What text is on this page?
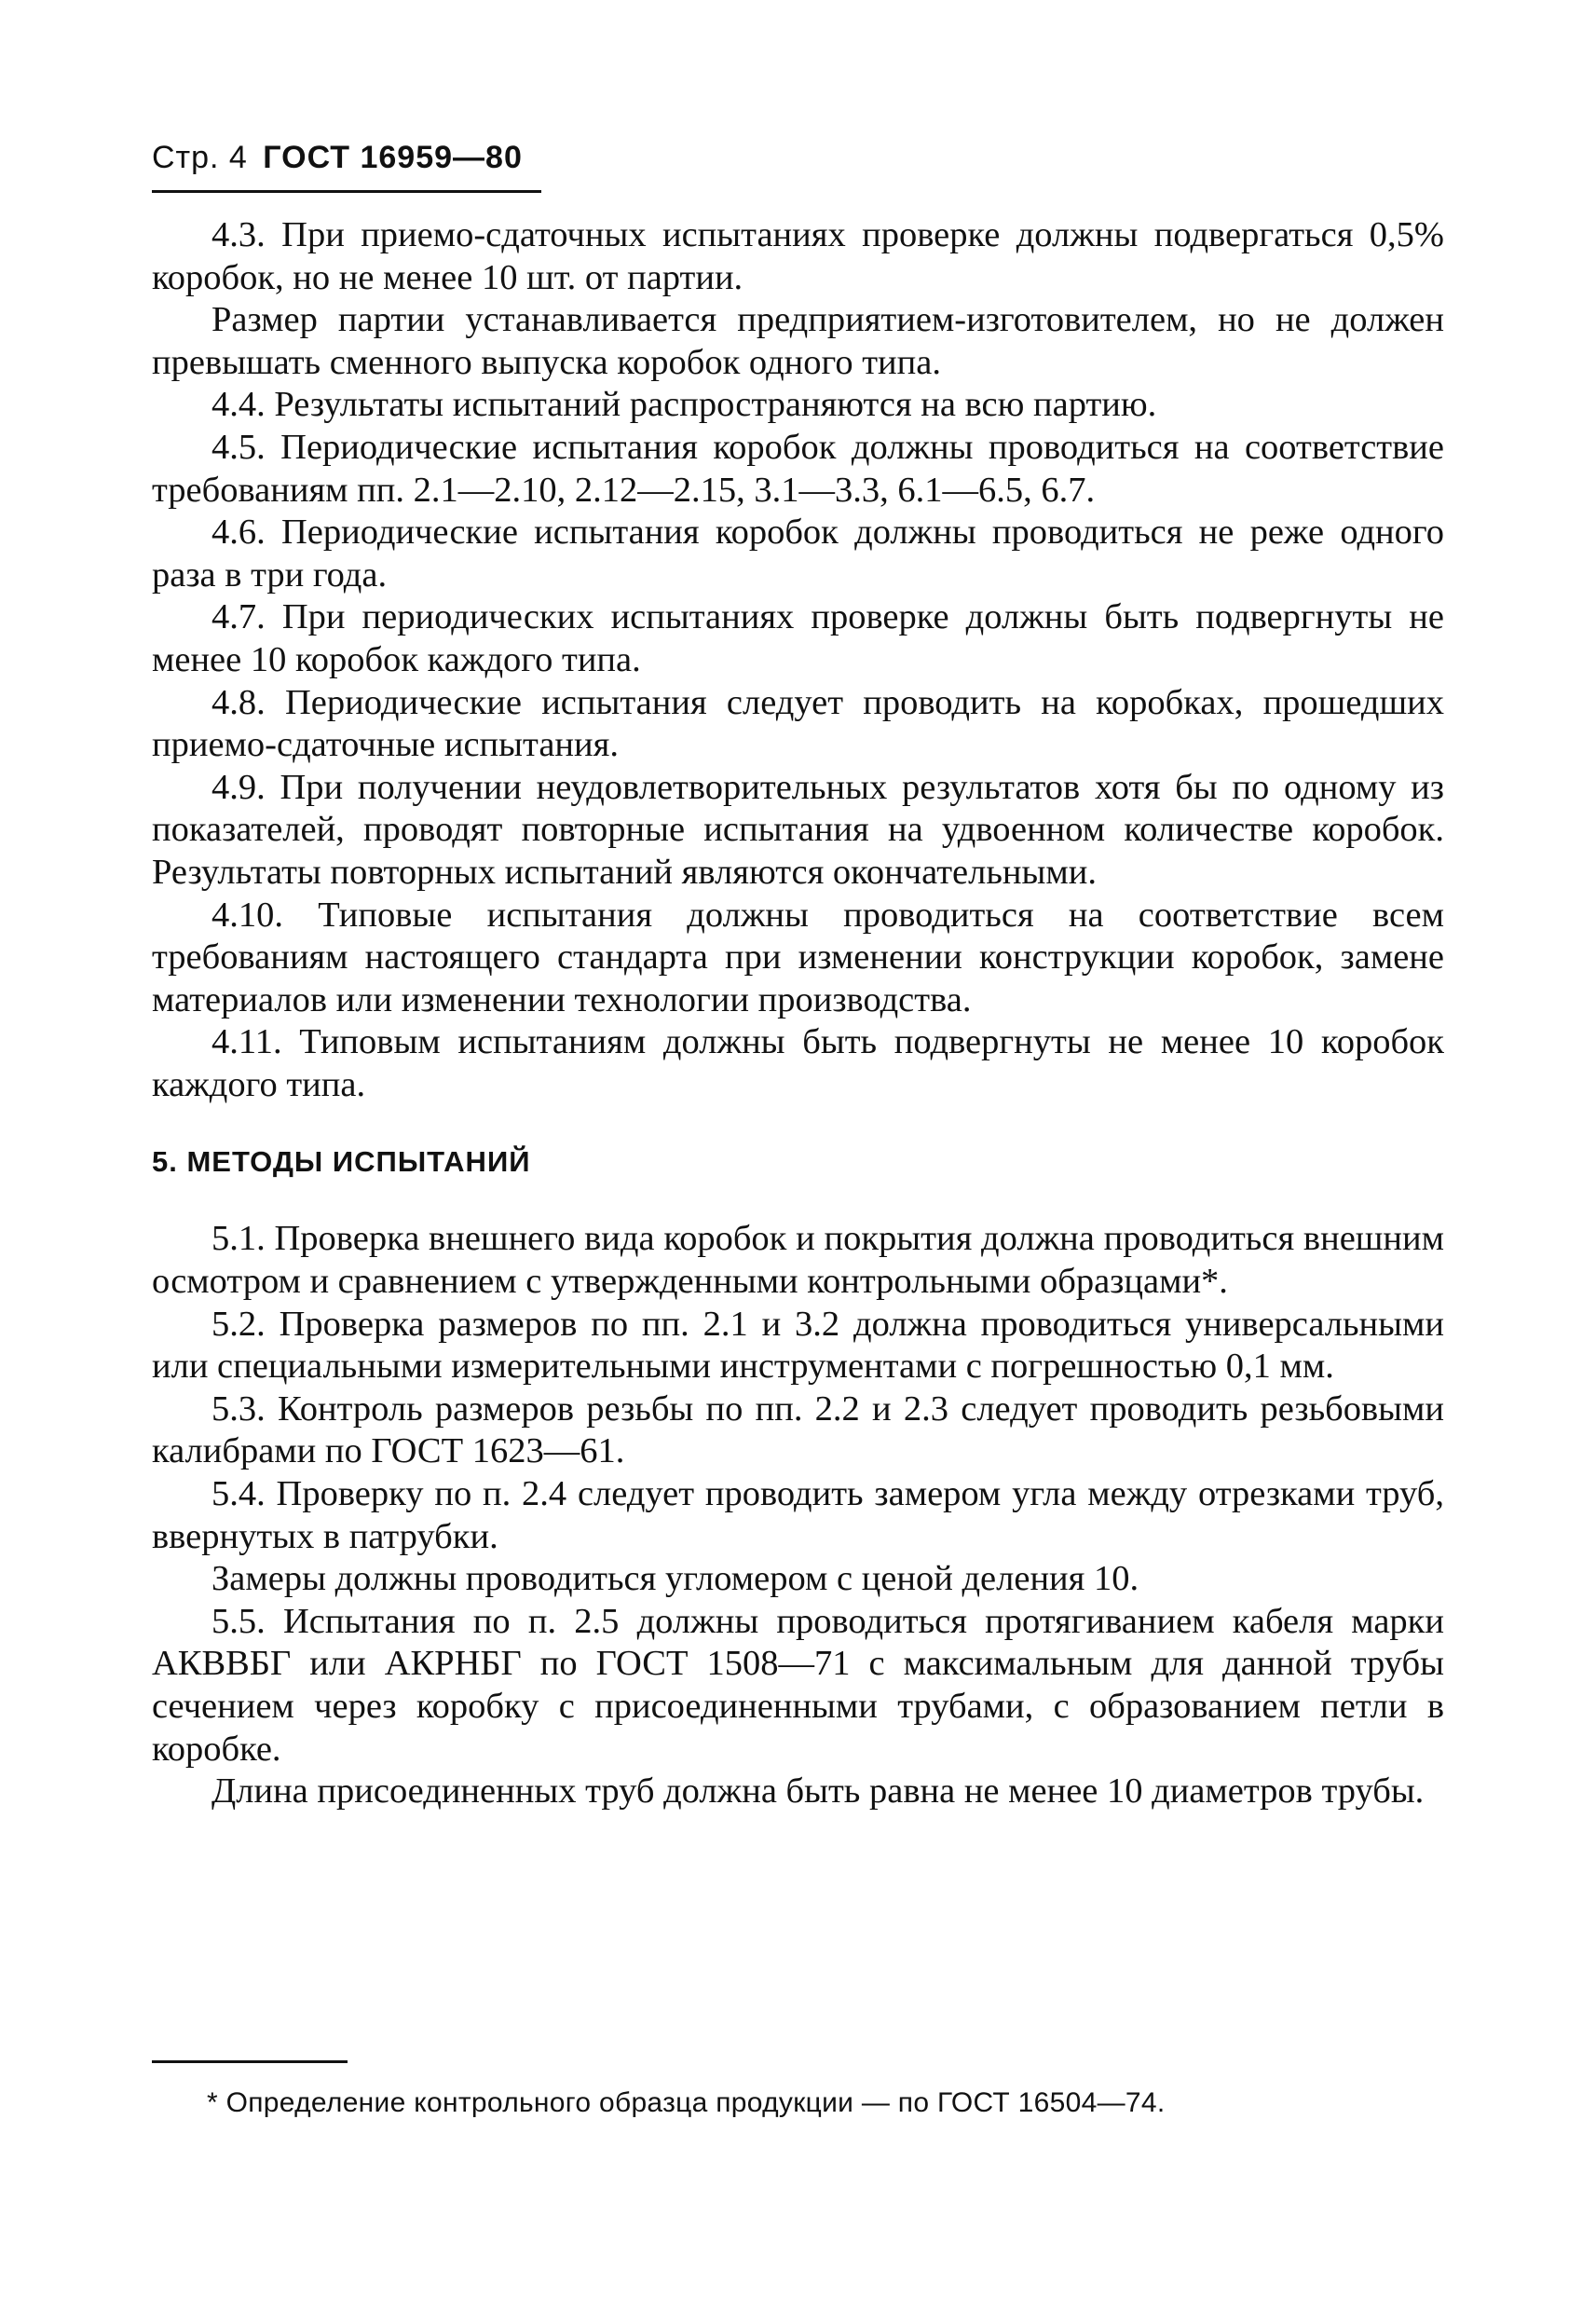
Стр. 4 ГОСТ 16959—80

4.3. При приемо-сдаточных испытаниях проверке должны подвергаться 0,5% коробок, но не менее 10 шт. от партии.

Размер партии устанавливается предприятием-изготовителем, но не должен превышать сменного выпуска коробок одного типа.

4.4. Результаты испытаний распространяются на всю партию.

4.5. Периодические испытания коробок должны проводиться на соответствие требованиям пп. 2.1—2.10, 2.12—2.15, 3.1—3.3, 6.1—6.5, 6.7.

4.6. Периодические испытания коробок должны проводиться не реже одного раза в три года.

4.7. При периодических испытаниях проверке должны быть подвергнуты не менее 10 коробок каждого типа.

4.8. Периодические испытания следует проводить на коробках, прошедших приемо-сдаточные испытания.

4.9. При получении неудовлетворительных результатов хотя бы по одному из показателей, проводят повторные испытания на удвоенном количестве коробок. Результаты повторных испытаний являются окончательными.

4.10. Типовые испытания должны проводиться на соответствие всем требованиям настоящего стандарта при изменении конструкции коробок, замене материалов или изменении технологии производства.

4.11. Типовым испытаниям должны быть подвергнуты не менее 10 коробок каждого типа.

5. МЕТОДЫ ИСПЫТАНИЙ

5.1. Проверка внешнего вида коробок и покрытия должна проводиться внешним осмотром и сравнением с утвержденными контрольными образцами*.

5.2. Проверка размеров по пп. 2.1 и 3.2 должна проводиться универсальными или специальными измерительными инструментами с погрешностью 0,1 мм.

5.3. Контроль размеров резьбы по пп. 2.2 и 2.3 следует проводить резьбовыми калибрами по ГОСТ 1623—61.

5.4. Проверку по п. 2.4 следует проводить замером угла между отрезками труб, ввернутых в патрубки.

Замеры должны проводиться угломером с ценой деления 10.

5.5. Испытания по п. 2.5 должны проводиться протягиванием кабеля марки АКВВБГ или АКРНБГ по ГОСТ 1508—71 с максимальным для данной трубы сечением через коробку с присоединенными трубами, с образованием петли в коробке.

Длина присоединенных труб должна быть равна не менее 10 диаметров трубы.

* Определение контрольного образца продукции — по ГОСТ 16504—74.
